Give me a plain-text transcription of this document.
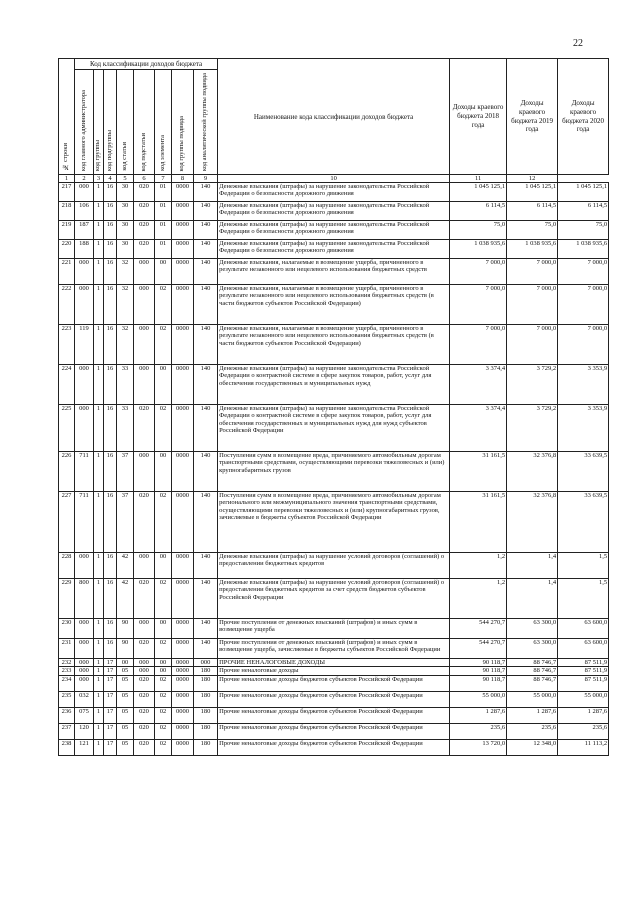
22
№ строки	Код классификации доходов бюджета								Наименование кода классификации доходов бюджета	Доходы краевого бюджета 2018 года	Доходы краевого бюджета 2019 года	Доходы краевого бюджета 2020 года

	код главного администратора	код группы	код подгруппы	код статьи	код подстатьи	код элемента	код группы подвида	код аналитической группы подвида				

1	2	3	4	5	6	7	8	9	10	11	12	
217	000	1	16	30	020	01	0000	140	Денежные взыскания (штрафы) за нарушение законодательства Российской Федерации о безопасности дорожного движения	1 045 125,1	1 045 125,1	1 045 125,1
218	106	1	16	30	020	01	0000	140	Денежные взыскания (штрафы) за нарушение законодательства Российской Федерации о безопасности дорожного движения	6 114,5	6 114,5	6 114,5
219	187	1	16	30	020	01	0000	140	Денежные взыскания (штрафы) за нарушение законодательства Российской Федерации о безопасности дорожного движения	75,0	75,0	75,0
220	188	1	16	30	020	01	0000	140	Денежные взыскания (штрафы) за нарушение законодательства Российской Федерации о безопасности дорожного движения	1 038 935,6	1 038 935,6	1 038 935,6
221	000	1	16	32	000	00	0000	140	Денежные взыскания, налагаемые в возмещение ущерба, причиненного в результате незаконного или нецелевого использования бюджетных средств	7 000,0	7 000,0	7 000,0
222	000	1	16	32	000	02	0000	140	Денежные взыскания, налагаемые в возмещение ущерба, причиненного в результате незаконного или нецелевого использования бюджетных средств (в части бюджетов субъектов Российской Федерации)	7 000,0	7 000,0	7 000,0
223	119	1	16	32	000	02	0000	140	Денежные взыскания, налагаемые в возмещение ущерба, причиненного в результате незаконного или нецелевого использования бюджетных средств (в части бюджетов субъектов Российской Федерации)	7 000,0	7 000,0	7 000,0
224	000	1	16	33	000	00	0000	140	Денежные взыскания (штрафы) за нарушение законодательства Российской Федерации о контрактной системе в сфере закупок товаров, работ, услуг для обеспечения государственных и муниципальных нужд	3 374,4	3 729,2	3 353,9
225	000	1	16	33	020	02	0000	140	Денежные взыскания (штрафы) за нарушение законодательства Российской Федерации о контрактной системе в сфере закупок товаров, работ, услуг для обеспечения государственных и муниципальных нужд для нужд субъектов Российской Федерации	3 374,4	3 729,2	3 353,9
226	711	1	16	37	000	00	0000	140	Поступления сумм в возмещение вреда, причиняемого автомобильным дорогам транспортными средствами, осуществляющими перевозки тяжеловесных и (или) крупногабаритных грузов	31 161,5	32 376,8	33 639,5
227	711	1	16	37	020	02	0000	140	Поступления сумм в возмещение вреда, причиняемого автомобильным дорогам регионального или межмуниципального значения транспортными средствами, осуществляющими перевозки тяжеловесных и (или) крупногабаритных грузов, зачисляемые в бюджеты субъектов Российской Федерации	31 161,5	32 376,8	33 639,5
228	000	1	16	42	000	00	0000	140	Денежные взыскания (штрафы) за нарушение условий договоров (соглашений) о предоставлении бюджетных кредитов	1,2	1,4	1,5
229	800	1	16	42	020	02	0000	140	Денежные взыскания (штрафы) за нарушение условий договоров (соглашений) о предоставлении бюджетных кредитов за счет средств бюджетов субъектов Российской Федерации	1,2	1,4	1,5
230	000	1	16	90	000	00	0000	140	Прочие поступления от денежных взысканий (штрафов) и иных сумм в возмещение ущерба	544 270,7	63 300,0	63 600,0
231	000	1	16	90	020	02	0000	140	Прочие поступления от денежных взысканий (штрафов) и иных сумм в возмещение ущерба, зачисляемые в бюджеты субъектов Российской Федерации	544 270,7	63 300,0	63 600,0
232	000	1	17	00	000	00	0000	000	ПРОЧИЕ НЕНАЛОГОВЫЕ ДОХОДЫ	90 118,7	88 746,7	87 511,9
233	000	1	17	05	000	00	0000	180	Прочие неналоговые доходы	90 118,7	88 746,7	87 511,9
234	000	1	17	05	020	02	0000	180	Прочие неналоговые доходы бюджетов субъектов Российской Федерации	90 118,7	88 746,7	87 511,9
235	032	1	17	05	020	02	0000	180	Прочие неналоговые доходы бюджетов субъектов Российской Федерации	55 000,0	55 000,0	55 000,0
236	075	1	17	05	020	02	0000	180	Прочие неналоговые доходы бюджетов субъектов Российской Федерации	1 287,6	1 287,6	1 287,6
237	120	1	17	05	020	02	0000	180	Прочие неналоговые доходы бюджетов субъектов Российской Федерации	235,6	235,6	235,6
238	121	1	17	05	020	02	0000	180	Прочие неналоговые доходы бюджетов субъектов Российской Федерации	13 720,0	12 348,0	11 113,2
